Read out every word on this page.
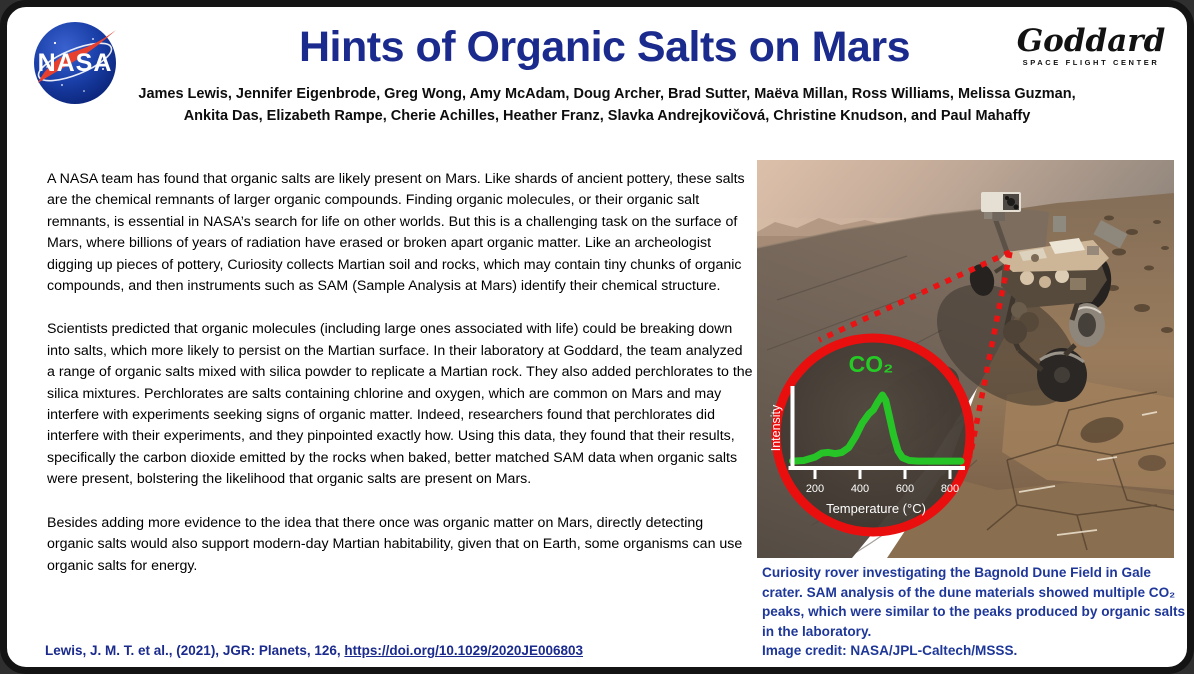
NASA	Hints of Organic Salts on Mars
James Lewis, Jennifer Eigenbrode, Greg Wong, Amy McAdam, Doug Archer, Brad Sutter, Maëva Millan, Ross Williams, Melissa Guzman,
Ankita Das, Elizabeth Rampe, Cherie Achilles, Heather Franz, Slavka Andrejkovičová, Christine Knudson, and Paul Mahaffy
Goddard
SPACE FLIGHT CENTER

A NASA team has found that organic salts are likely present on Mars. Like shards of ancient pottery, these salts are the chemical remnants of larger organic compounds. Finding organic molecules, or their organic salt remnants, is essential in NASA’s search for life on other worlds. But this is a challenging task on the surface of Mars, where billions of years of radiation have erased or broken apart organic matter. Like an archeologist digging up pieces of pottery, Curiosity collects Martian soil and rocks, which may contain tiny chunks of organic compounds, and then instruments such as SAM (Sample Analysis at Mars) identify their chemical structure.

Scientists predicted that organic molecules (including large ones associated with life) could be breaking down into salts, which more likely to persist on the Martian surface. In their laboratory at Goddard, the team analyzed a range of organic salts mixed with silica powder to replicate a Martian rock. They also added perchlorates to the silica mixtures. Perchlorates are salts containing chlorine and oxygen, which are common on Mars and may interfere with experiments seeking signs of organic matter. Indeed, researchers found that perchlorates did interfere with their experiments, and they pinpointed exactly how. Using this data, they found that their results, specifically the carbon dioxide emitted by the rocks when baked, better matched SAM data when organic salts were present, bolstering the likelihood that organic salts are present on Mars.

Besides adding more evidence to the idea that there once was organic matter on Mars, directly detecting organic salts would also support modern-day Martian habitability, given that on Earth, some organisms can use organic salts for energy.

CO₂
200 400 600 800
Intensity
Temperature (°C)
Curiosity rover investigating the Bagnold Dune Field in Gale crater. SAM analysis of the dune materials showed multiple CO₂ peaks, which were similar to the peaks produced by organic salts in the laboratory.
Image credit: NASA/JPL-Caltech/MSSS.
Lewis, J. M. T. et al., (2021), JGR: Planets, 126, https://doi.org/10.1029/2020JE006803
